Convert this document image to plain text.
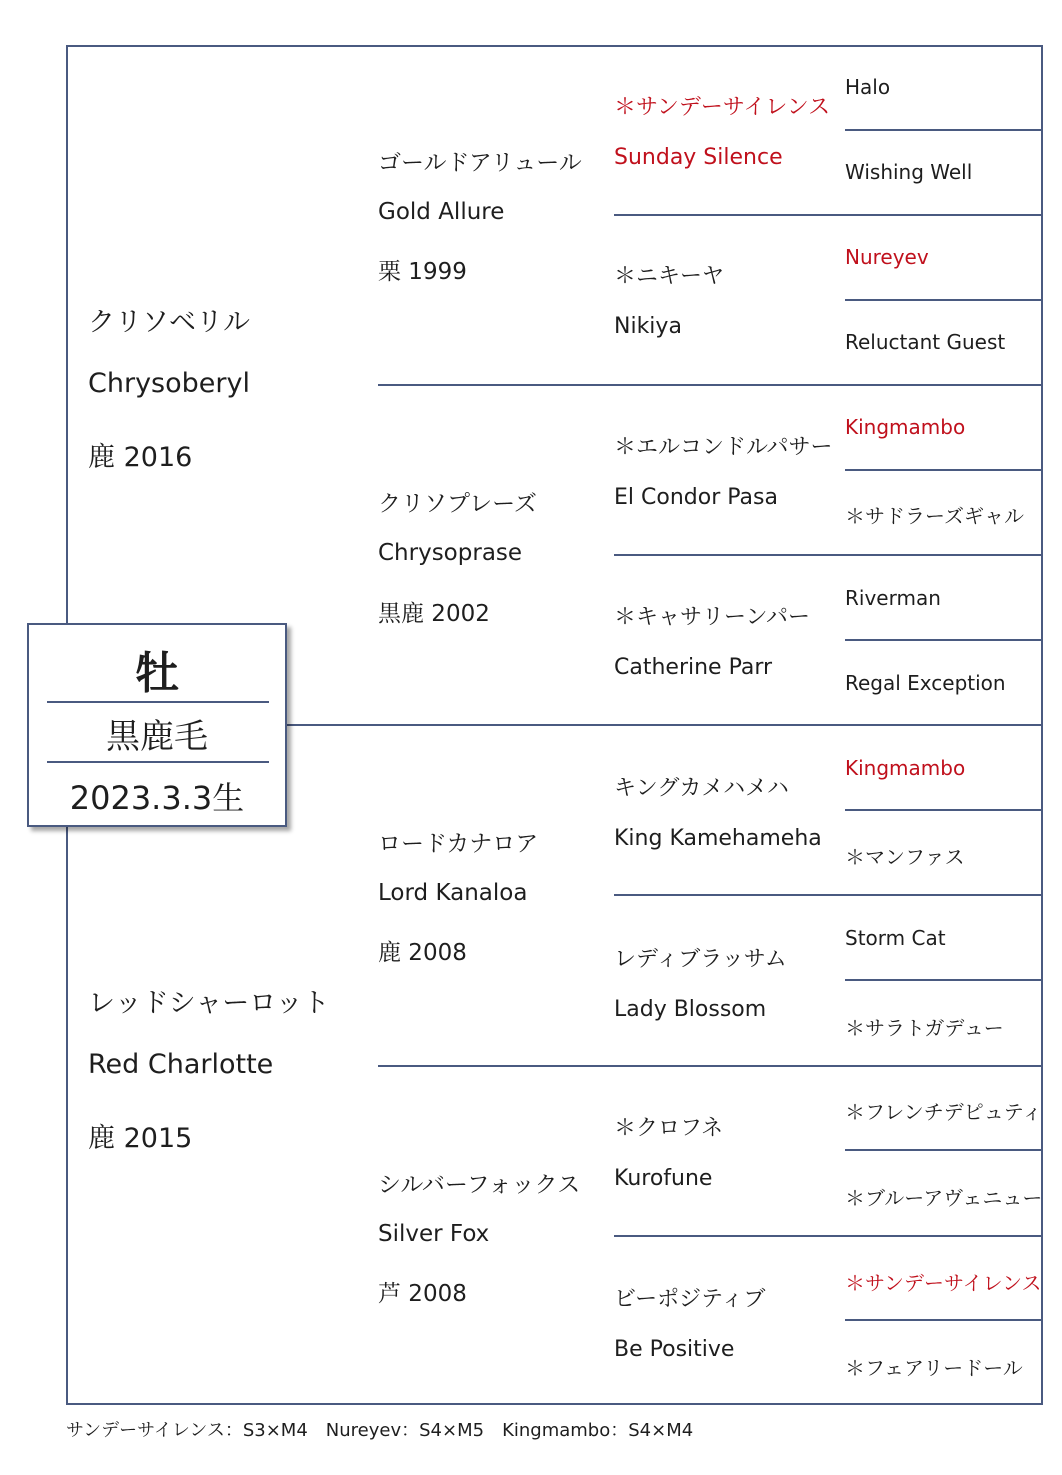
クリソベリル
Chrysoberyl
鹿 2016
レッドシャーロット
Red Charlotte
鹿 2015
ゴールドアリュール
Gold Allure
栗 1999
クリソプレーズ
Chrysoprase
黒鹿 2002
ロードカナロア
Lord Kanaloa
鹿 2008
シルバーフォックス
Silver Fox
芦 2008
＊サンデーサイレンス
Sunday Silence
＊ニキーヤ
Nikiya
＊エルコンドルパサー
El Condor Pasa
＊キャサリーンパー
Catherine Parr
キングカメハメハ
King Kamehameha
レディブラッサム
Lady Blossom
＊クロフネ
Kurofune
ビーポジティブ
Be Positive
Halo
Wishing Well
Nureyev
Reluctant Guest
Kingmambo
＊サドラーズギャル
Riverman
Regal Exception
Kingmambo
＊マンファス
Storm Cat
＊サラトガデュー
＊フレンチデピュティ
＊ブルーアヴェニュー
＊サンデーサイレンス
＊フェアリードール
牡
黒鹿毛
2023.3.3生
サンデーサイレンス：S3×M4　Nureyev：S4×M5　Kingmambo：S4×M4
